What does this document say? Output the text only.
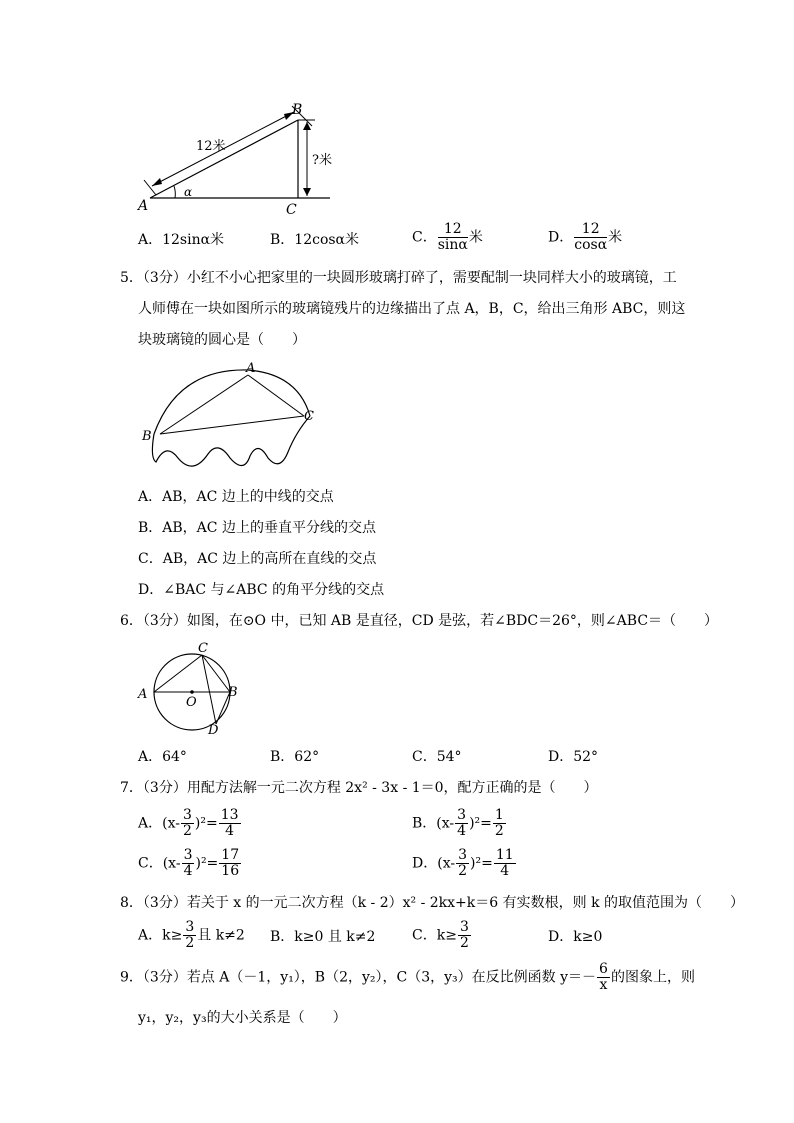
12米
?米
A
B
C
α
A．12sinα米	B．12cosα米	C． $\frac{12}{\sin\alpha}$ 米	D． $\frac{12}{\cos\alpha}$ 米
5．（3分）小红不小心把家里的一块圆形玻璃打碎了，需要配制一块同样大小的玻璃镜，工
人师傅在一块如图所示的玻璃镜残片的边缘描出了点 A，B，C，给出三角形 ABC，则这
块玻璃镜的圆心是（　　）
A
B
C
A．AB，AC 边上的中线的交点
B．AB，AC 边上的垂直平分线的交点
C．AB，AC 边上的高所在直线的交点
D．∠BAC 与∠ABC 的角平分线的交点
6．（3分）如图，在⊙O 中，已知 AB 是直径，CD 是弦，若∠BDC＝26°，则∠ABC＝（　　）
A	B
C
D
O
A．64°	B．62°	C．54°	D．52°
7．（3分）用配方法解一元二次方程 2x² - 3x - 1＝0，配方正确的是（　　）
A．$(x- \frac{3}{2} )^2= \frac{13}{4}$	B．$(x- \frac{3}{4} )^2= \frac{1}{2}$
C．$(x- \frac{3}{4} )^2= \frac{17}{16}$	D．$(x- \frac{3}{2} )^2= \frac{11}{4}$
8．（3分）若关于 x 的一元二次方程（k - 2）x² - 2kx+k＝6 有实数根，则 k 的取值范围为（　　）
A．$k\ge \frac{3}{2}$ 且 k≠2 B．k≥0 且 k≠2	C．$k\ge \frac{3}{2}$	D．k≥0
9．（3分）若点 A（－1，y₁），B（2，y₂），C（3，y₃）在反比例函数 $y=- \frac{6}{x}$ 的图象上，则
y₁，y₂，y₃的大小关系是（　　）
